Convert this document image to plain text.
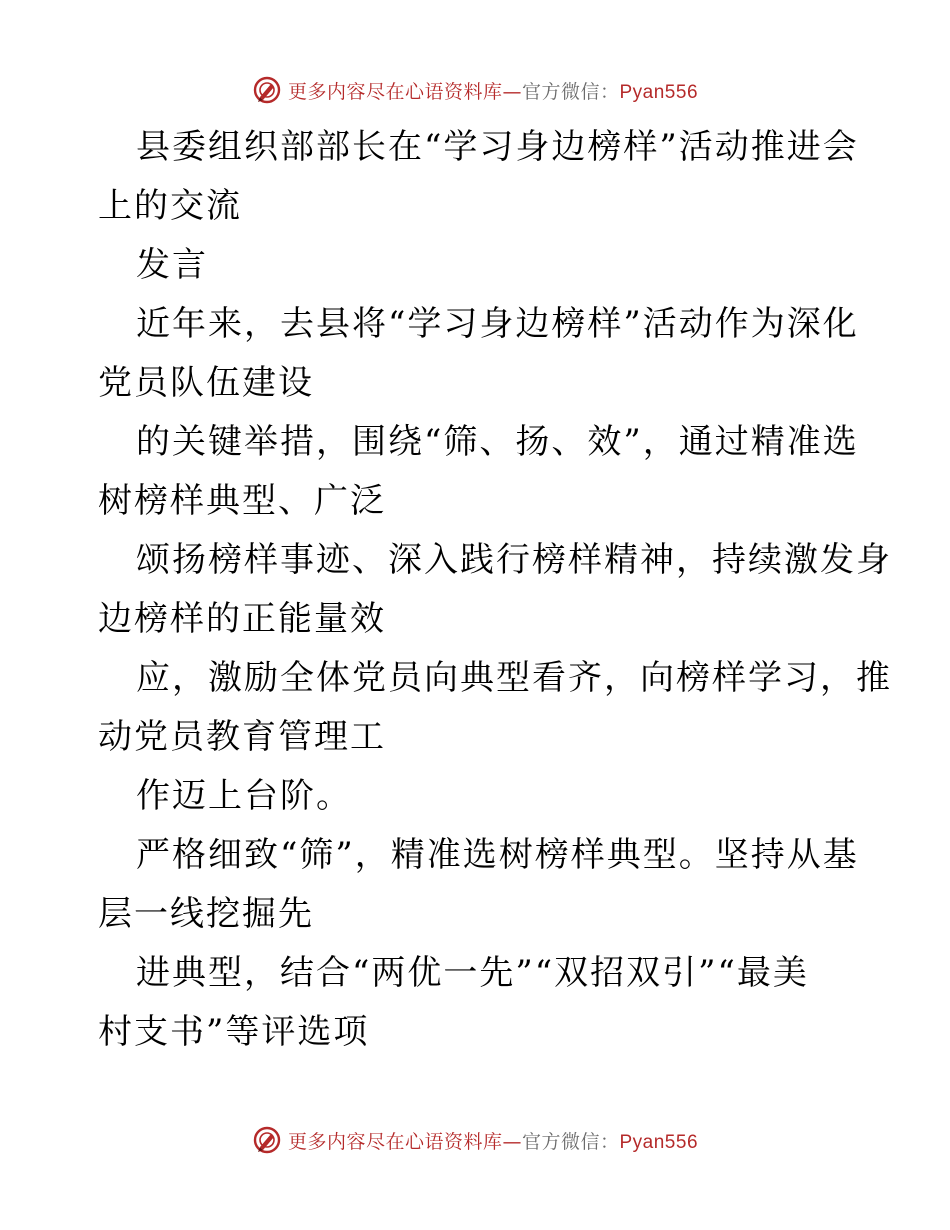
更多内容尽在心语资料库—官方微信：Pyan556
县委组织部部长在“学习身边榜样”活动推进会
上的交流
发言
近年来，去县将“学习身边榜样”活动作为深化
党员队伍建设
的关键举措，围绕“筛、扬、效”，通过精准选
树榜样典型、广泛
颂扬榜样事迹、深入践行榜样精神，持续激发身
边榜样的正能量效
应，激励全体党员向典型看齐，向榜样学习，推
动党员教育管理工
作迈上台阶。
严格细致“筛”，精准选树榜样典型。坚持从基
层一线挖掘先
进典型，结合“两优一先”“双招双引”“最美
村支书”等评选项
更多内容尽在心语资料库—官方微信：Pyan556
